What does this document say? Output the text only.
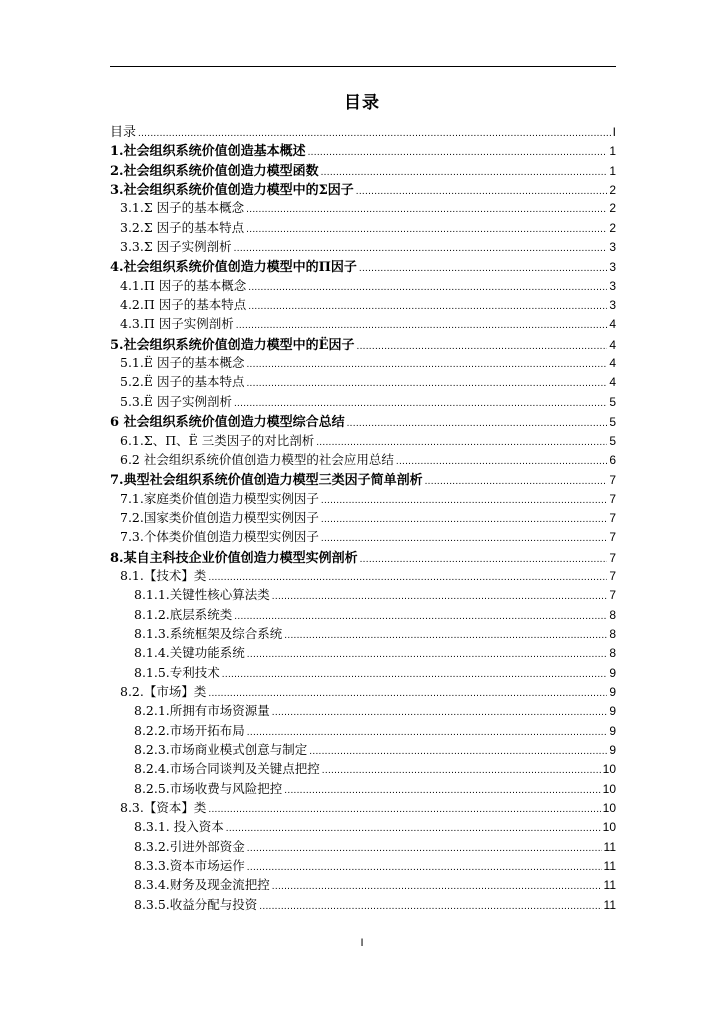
目录
目录 .....	I
1.社会组织系统价值创造基本概述 .....	1
2.社会组织系统价值创造力模型函数 .....	1
3.社会组织系统价值创造力模型中的Σ因子 .....	2
3.1.Σ 因子的基本概念 .....	2
3.2.Σ 因子的基本特点 .....	2
3.3.Σ 因子实例剖析 .....	3
4.社会组织系统价值创造力模型中的Π因子 .....	3
4.1.Π 因子的基本概念 .....	3
4.2.Π 因子的基本特点 .....	3
4.3.Π 因子实例剖析 .....	4
5.社会组织系统价值创造力模型中的Ë因子 .....	4
5.1.Ë 因子的基本概念 .....	4
5.2.Ë 因子的基本特点 .....	4
5.3.Ë 因子实例剖析 .....	5
6 社会组织系统价值创造力模型综合总结 .....	5
6.1.Σ、Π、Ë 三类因子的对比剖析 .....	5
6.2 社会组织系统价值创造力模型的社会应用总结 .....	6
7.典型社会组织系统价值创造力模型三类因子简单剖析 .....	7
7.1.家庭类价值创造力模型实例因子 .....	7
7.2.国家类价值创造力模型实例因子 .....	7
7.3.个体类价值创造力模型实例因子 .....	7
8.某自主科技企业价值创造力模型实例剖析 .....	7
8.1.【技术】类 .....	7
8.1.1.关键性核心算法类 .....	7
8.1.2.底层系统类 .....	8
8.1.3.系统框架及综合系统 .....	8
8.1.4.关键功能系统 .....	8
8.1.5.专利技术 .....	9
8.2.【市场】类 .....	9
8.2.1.所拥有市场资源量 .....	9
8.2.2.市场开拓布局 .....	9
8.2.3.市场商业模式创意与制定 .....	9
8.2.4.市场合同谈判及关键点把控 .....	10
8.2.5.市场收费与风险把控 .....	10
8.3.【资本】类 .....	10
8.3.1. 投入资本 .....	10
8.3.2.引进外部资金 .....	11
8.3.3.资本市场运作 .....	11
8.3.4.财务及现金流把控 .....	11
8.3.5.收益分配与投资 .....	11
I
